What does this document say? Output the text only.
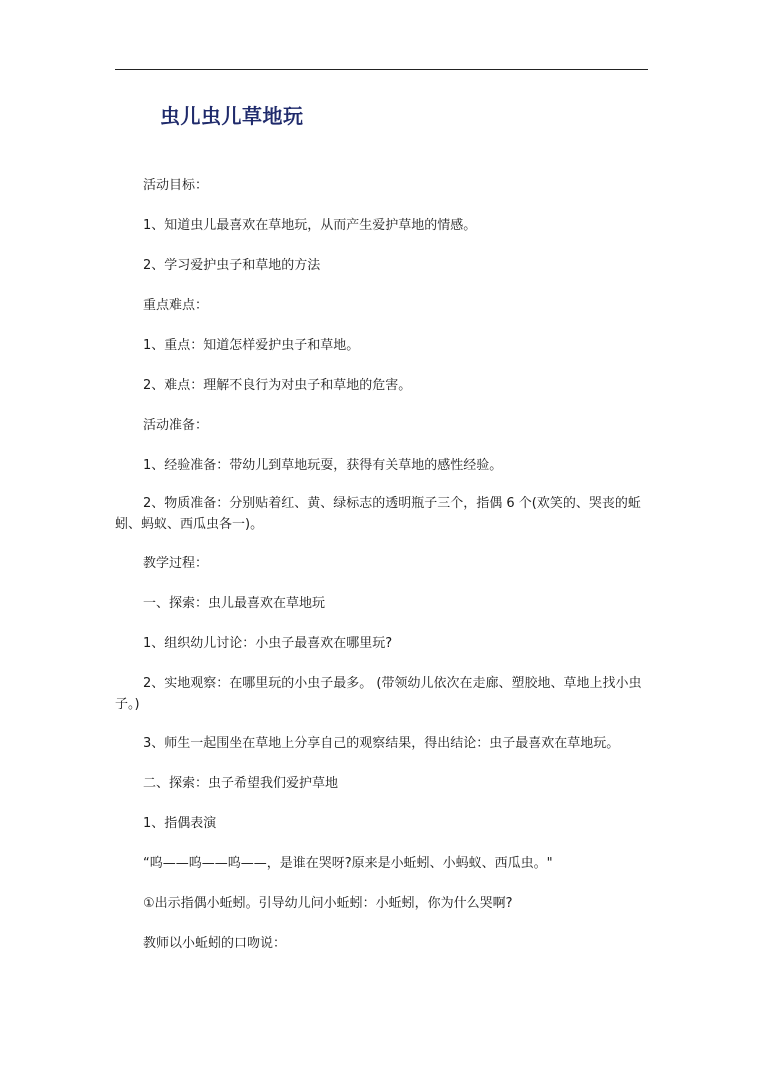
虫儿虫儿草地玩
活动目标：
1、知道虫儿最喜欢在草地玩，从而产生爱护草地的情感。
2、学习爱护虫子和草地的方法
重点难点：
1、重点：知道怎样爱护虫子和草地。
2、难点：理解不良行为对虫子和草地的危害。
活动准备：
1、经验准备：带幼儿到草地玩耍，获得有关草地的感性经验。
2、物质准备：分别贴着红、黄、绿标志的透明瓶子三个，指偶 6 个(欢笑的、哭丧的蚯蚓、蚂蚁、西瓜虫各一)。
教学过程：
一、探索：虫儿最喜欢在草地玩
1、组织幼儿讨论：小虫子最喜欢在哪里玩?
2、实地观察：在哪里玩的小虫子最多。 (带领幼儿依次在走廊、塑胶地、草地上找小虫子。)
3、师生一起围坐在草地上分享自己的观察结果，得出结论：虫子最喜欢在草地玩。
二、探索：虫子希望我们爱护草地
1、指偶表演
“呜——呜——呜——，是谁在哭呀?原来是小蚯蚓、小蚂蚁、西瓜虫。"
①出示指偶小蚯蚓。引导幼儿问小蚯蚓：小蚯蚓，你为什么哭啊?
教师以小蚯蚓的口吻说：
